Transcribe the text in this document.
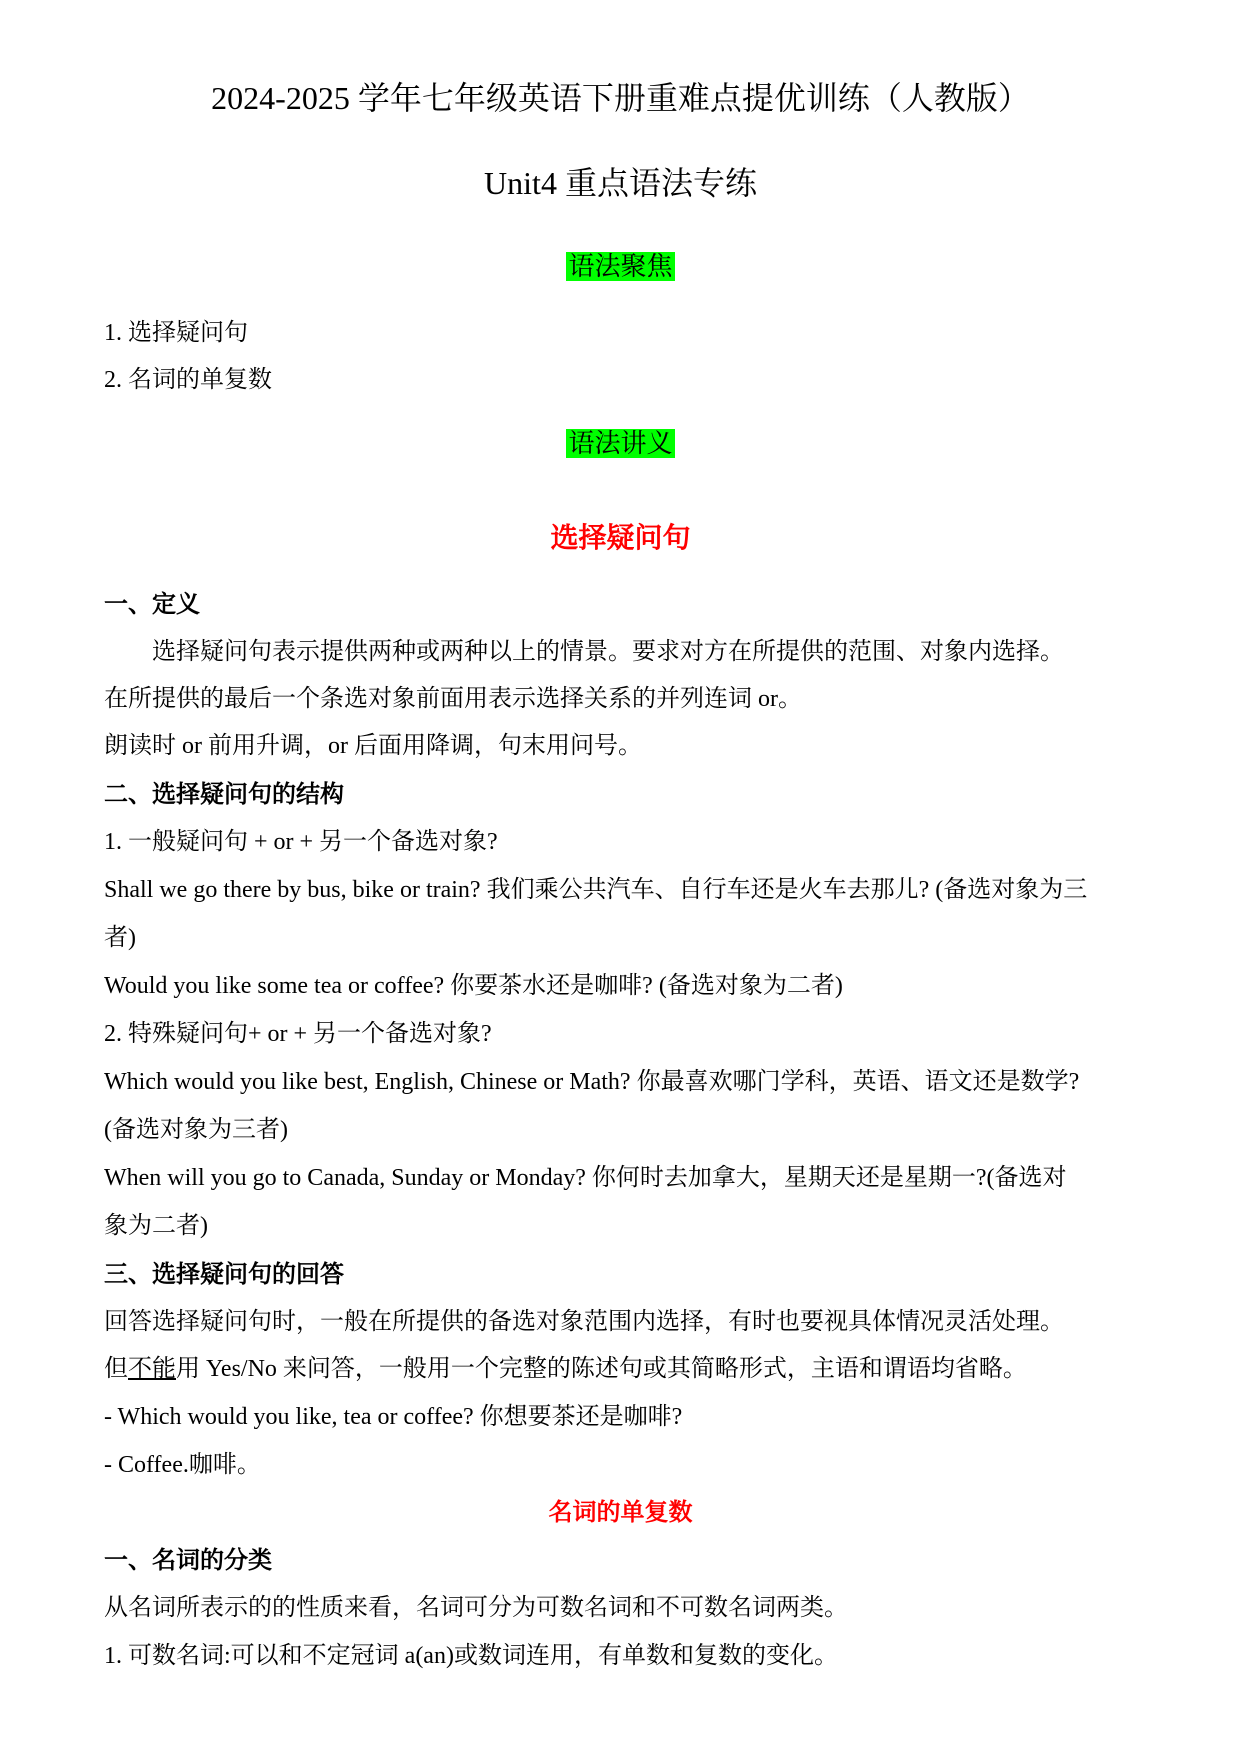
2024-2025 学年七年级英语下册重难点提优训练（人教版）
Unit4 重点语法专练
语法聚焦
1. 选择疑问句
2. 名词的单复数
语法讲义
选择疑问句
一、定义
选择疑问句表示提供两种或两种以上的情景。要求对方在所提供的范围、对象内选择。
在所提供的最后一个条选对象前面用表示选择关系的并列连词 or。
朗读时 or 前用升调，or 后面用降调，句末用问号。
二、选择疑问句的结构
1. 一般疑问句 + or + 另一个备选对象?
Shall we go there by bus, bike or train? 我们乘公共汽车、自行车还是火车去那儿? (备选对象为三
者)
Would you like some tea or coffee? 你要茶水还是咖啡? (备选对象为二者)
2. 特殊疑问句+ or + 另一个备选对象?
Which would you like best, English, Chinese or Math? 你最喜欢哪门学科，英语、语文还是数学?
(备选对象为三者)
When will you go to Canada, Sunday or Monday? 你何时去加拿大，星期天还是星期一?(备选对
象为二者)
三、选择疑问句的回答
回答选择疑问句时，一般在所提供的备选对象范围内选择，有时也要视具体情况灵活处理。
但不能用 Yes/No 来问答，一般用一个完整的陈述句或其简略形式，主语和谓语均省略。
- Which would you like, tea or coffee? 你想要茶还是咖啡?
- Coffee.咖啡。
名词的单复数
一、名词的分类
从名词所表示的的性质来看，名词可分为可数名词和不可数名词两类。
1. 可数名词:可以和不定冠词 a(an)或数词连用，有单数和复数的变化。
